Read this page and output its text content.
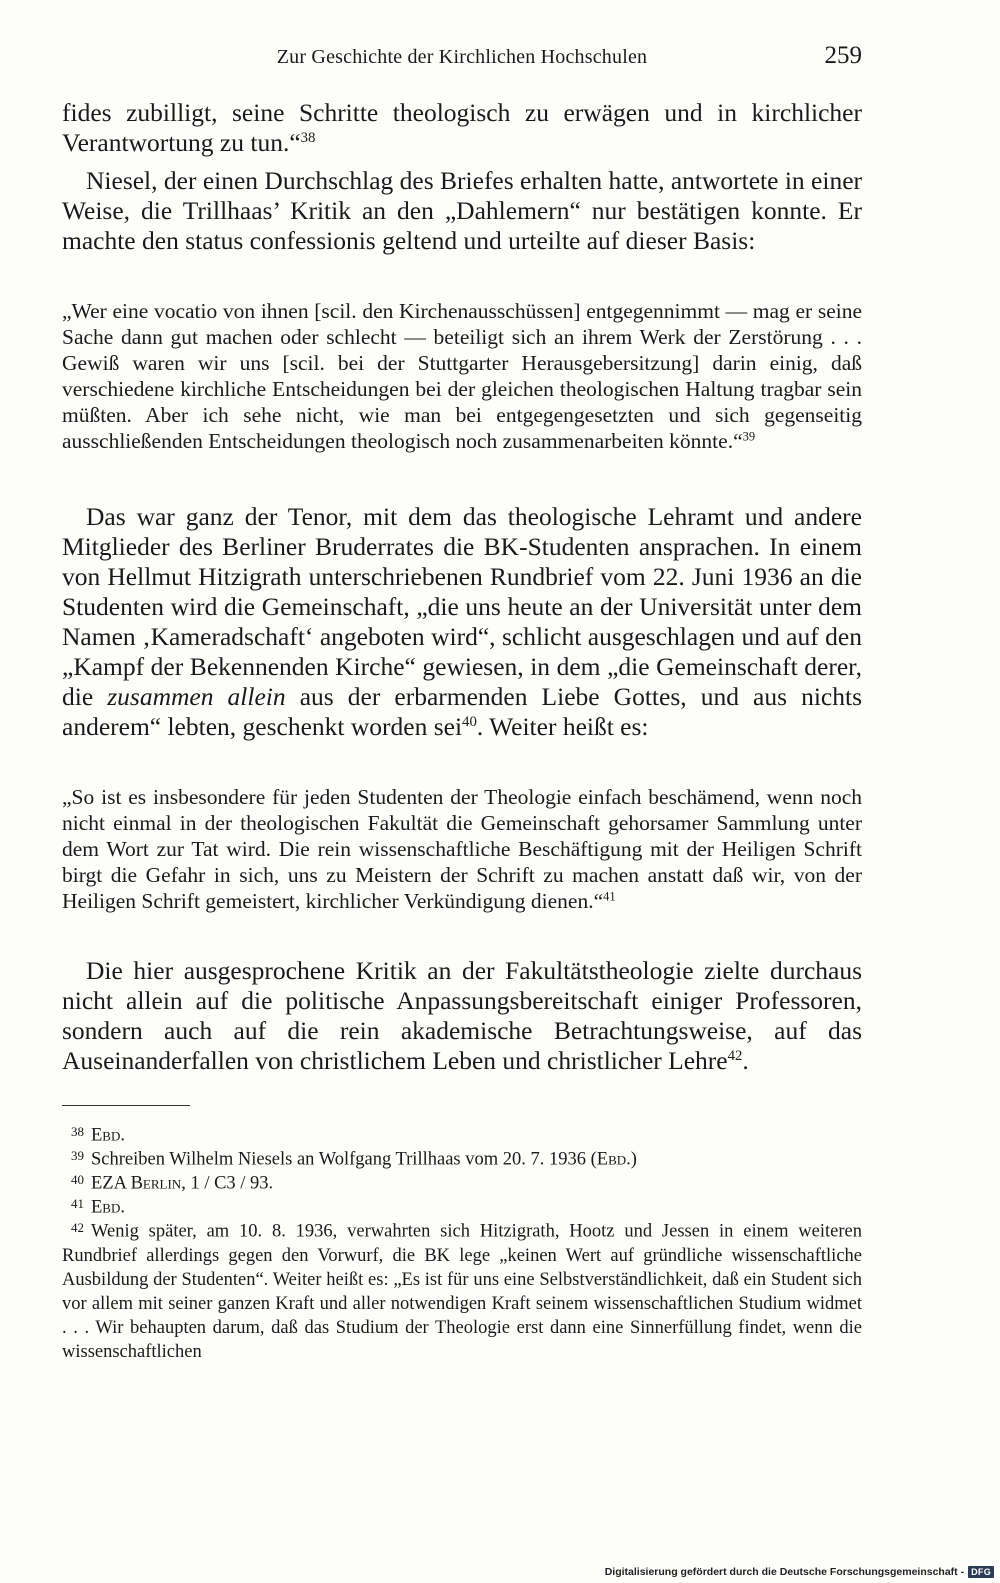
Zur Geschichte der Kirchlichen Hochschulen	259
fides zubilligt, seine Schritte theologisch zu erwägen und in kirchlicher Verantwortung zu tun.“$^{38}$
Niesel, der einen Durchschlag des Briefes erhalten hatte, antwortete in einer Weise, die Trillhaas’ Kritik an den „Dahlemern“ nur bestätigen konnte. Er machte den status confessionis geltend und urteilte auf dieser Basis:
„Wer eine vocatio von ihnen [scil. den Kirchenausschüssen] entgegennimmt — mag er seine Sache dann gut machen oder schlecht — beteiligt sich an ihrem Werk der Zerstörung . . . Gewiß waren wir uns [scil. bei der Stuttgarter Herausgebersitzung] darin einig, daß verschiedene kirchliche Entscheidungen bei der gleichen theologischen Haltung tragbar sein müßten. Aber ich sehe nicht, wie man bei entgegengesetzten und sich gegenseitig ausschließenden Entscheidungen theologisch noch zusammenarbeiten könnte.“$^{39}$
Das war ganz der Tenor, mit dem das theologische Lehramt und andere Mitglieder des Berliner Bruderrates die BK-Studenten ansprachen. In einem von Hellmut Hitzigrath unterschriebenen Rundbrief vom 22. Juni 1936 an die Studenten wird die Gemeinschaft, „die uns heute an der Universität unter dem Namen ‚Kameradschaft‘ angeboten wird“, schlicht ausgeschlagen und auf den „Kampf der Bekennenden Kirche“ gewiesen, in dem „die Gemeinschaft derer, die zusammen allein aus der erbarmenden Liebe Gottes, und aus nichts anderem“ lebten, geschenkt worden sei$^{40}$. Weiter heißt es:
„So ist es insbesondere für jeden Studenten der Theologie einfach beschämend, wenn noch nicht einmal in der theologischen Fakultät die Gemeinschaft gehorsamer Sammlung unter dem Wort zur Tat wird. Die rein wissenschaftliche Beschäftigung mit der Heiligen Schrift birgt die Gefahr in sich, uns zu Meistern der Schrift zu machen anstatt daß wir, von der Heiligen Schrift gemeistert, kirchlicher Verkündigung dienen.“$^{41}$
Die hier ausgesprochene Kritik an der Fakultätstheologie zielte durchaus nicht allein auf die politische Anpassungsbereitschaft einiger Professoren, sondern auch auf die rein akademische Betrachtungsweise, auf das Auseinanderfallen von christlichem Leben und christlicher Lehre$^{42}$.
38 Ebd.
39 Schreiben Wilhelm Niesels an Wolfgang Trillhaas vom 20. 7. 1936 (Ebd.)
40 EZA Berlin, 1 / C3 / 93.
41 Ebd.
42 Wenig später, am 10. 8. 1936, verwahrten sich Hitzigrath, Hootz und Jessen in einem weiteren Rundbrief allerdings gegen den Vorwurf, die BK lege „keinen Wert auf gründliche wissenschaftliche Ausbildung der Studenten“. Weiter heißt es: „Es ist für uns eine Selbstverständlichkeit, daß ein Student sich vor allem mit seiner ganzen Kraft und aller notwendigen Kraft seinem wissenschaftlichen Studium widmet . . . Wir behaupten darum, daß das Studium der Theologie erst dann eine Sinnerfüllung findet, wenn die wissenschaftlichen
Digitalisierung gefördert durch die Deutsche Forschungsgemeinschaft - DFG
